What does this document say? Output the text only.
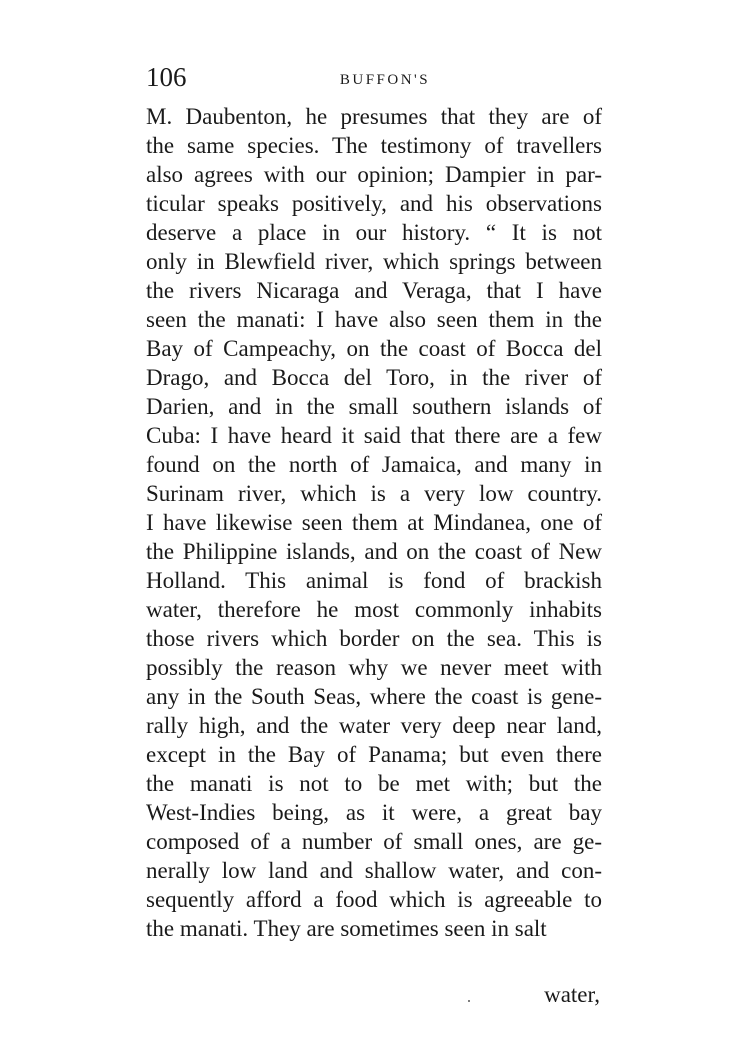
106	BUFFON'S
M. Daubenton, he presumes that they are of
the same species. The testimony of travellers
also agrees with our opinion; Dampier in par-
ticular speaks positively, and his observations
deserve a place in our history. “ It is not
only in Blewfield river, which springs between
the rivers Nicaraga and Veraga, that I have
seen the manati: I have also seen them in the
Bay of Campeachy, on the coast of Bocca del
Drago, and Bocca del Toro, in the river of
Darien, and in the small southern islands of
Cuba: I have heard it said that there are a few
found on the north of Jamaica, and many in
Surinam river, which is a very low country.
I have likewise seen them at Mindanea, one of
the Philippine islands, and on the coast of New
Holland. This animal is fond of brackish
water, therefore he most commonly inhabits
those rivers which border on the sea. This is
possibly the reason why we never meet with
any in the South Seas, where the coast is gene-
rally high, and the water very deep near land,
except in the Bay of Panama; but even there
the manati is not to be met with; but the
West-Indies being, as it were, a great bay
composed of a number of small ones, are ge-
nerally low land and shallow water, and con-
sequently afford a food which is agreeable to
the manati. They are sometimes seen in salt
water,
